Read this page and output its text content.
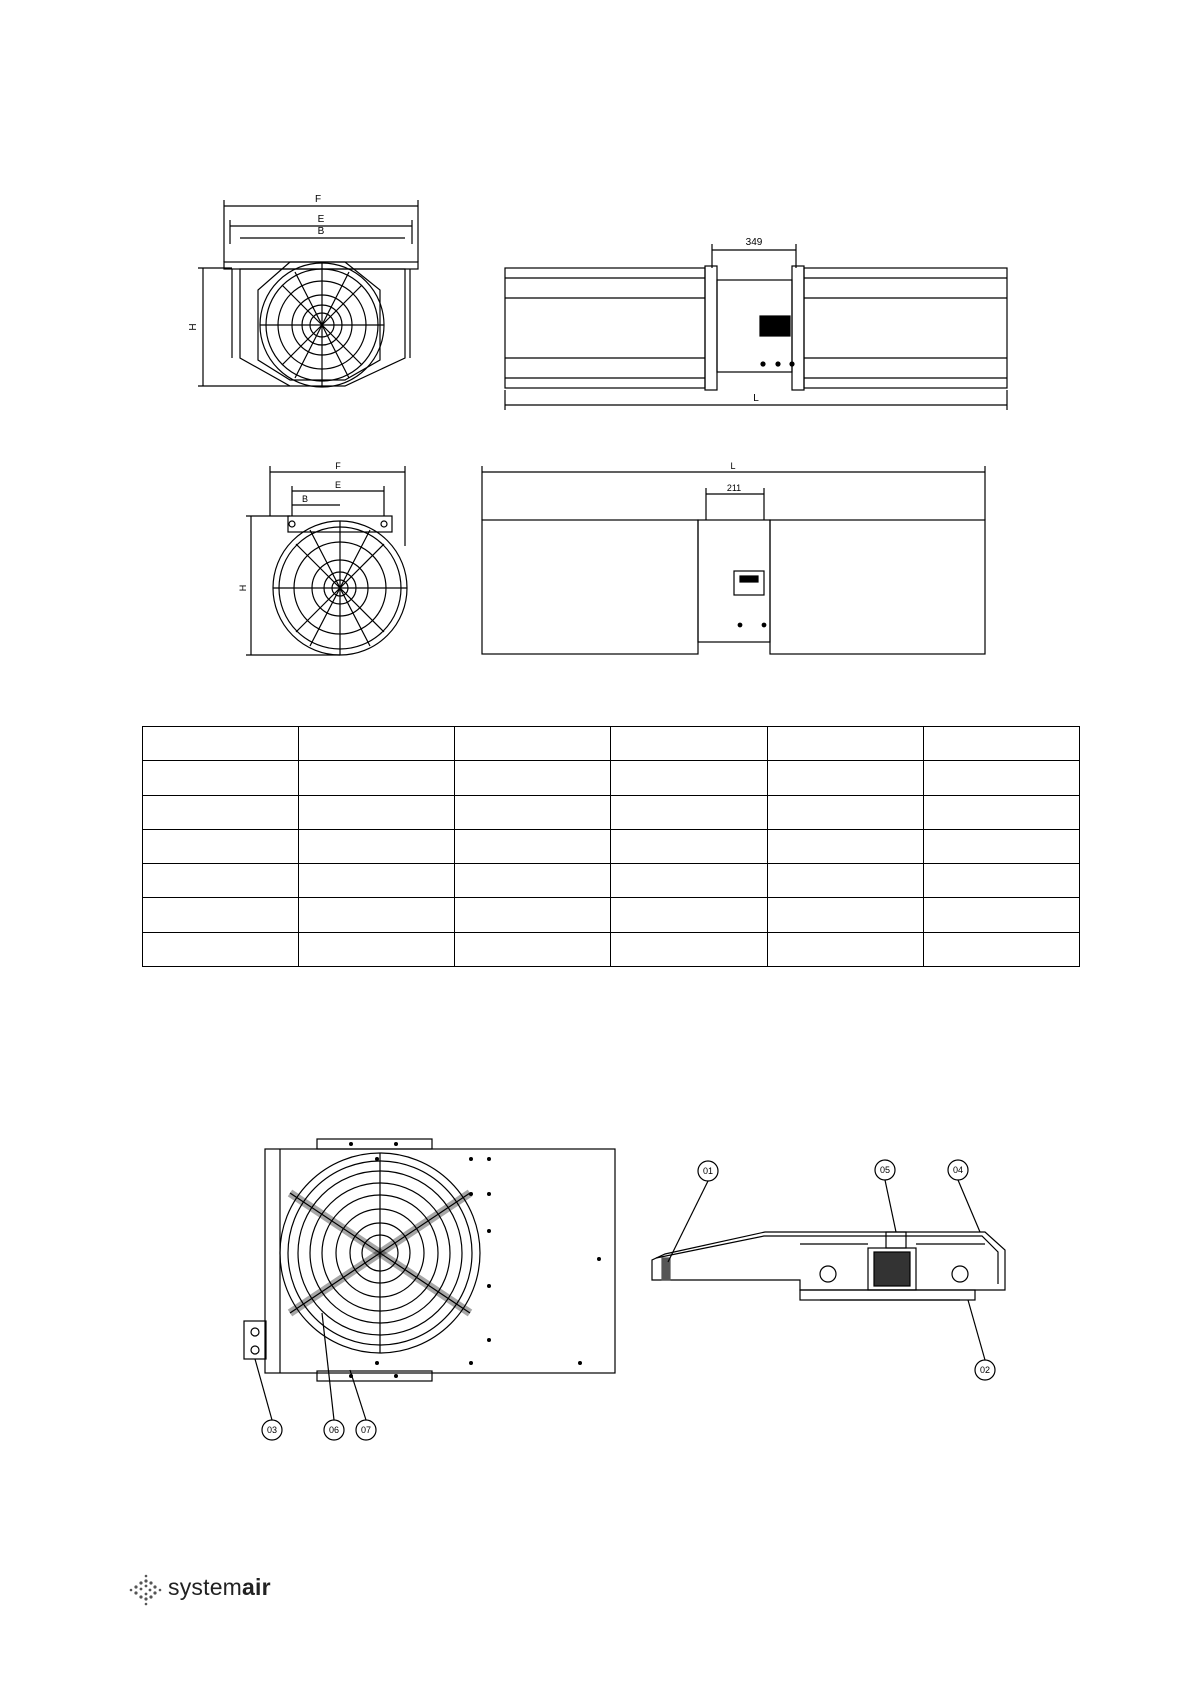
F
E
B
H
349
L
F
E
B
H
211
L
01
02
03
04
05
06 07

systemair
